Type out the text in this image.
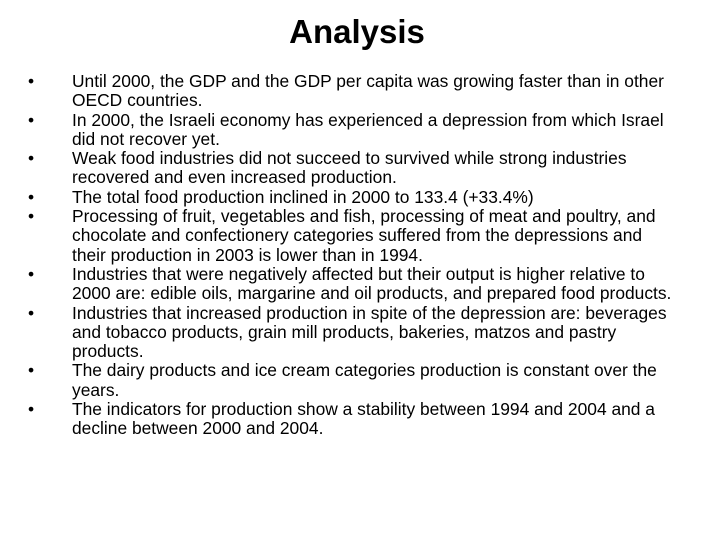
Analysis
•	Until 2000, the GDP and the GDP per capita was growing faster than in other OECD countries.
•	In 2000, the Israeli economy has experienced a depression from which Israel did not recover yet.
•	Weak food industries did not succeed to survived while strong industries recovered and even increased production.
•	The total food production inclined in 2000 to 133.4 (+33.4%)
•	Processing of fruit, vegetables and fish, processing of meat and poultry, and chocolate and confectionery categories suffered from the depressions and their production in 2003 is lower than in 1994.
•	Industries that were negatively affected but their output is higher relative to 2000 are: edible oils, margarine and oil products, and prepared food products.
•	Industries that increased production in spite of the depression are: beverages and tobacco products, grain mill products, bakeries, matzos and pastry products.
•	The dairy products and ice cream categories production is constant over the years.
•	The indicators for production show a stability between 1994 and 2004 and a decline between 2000 and 2004.
